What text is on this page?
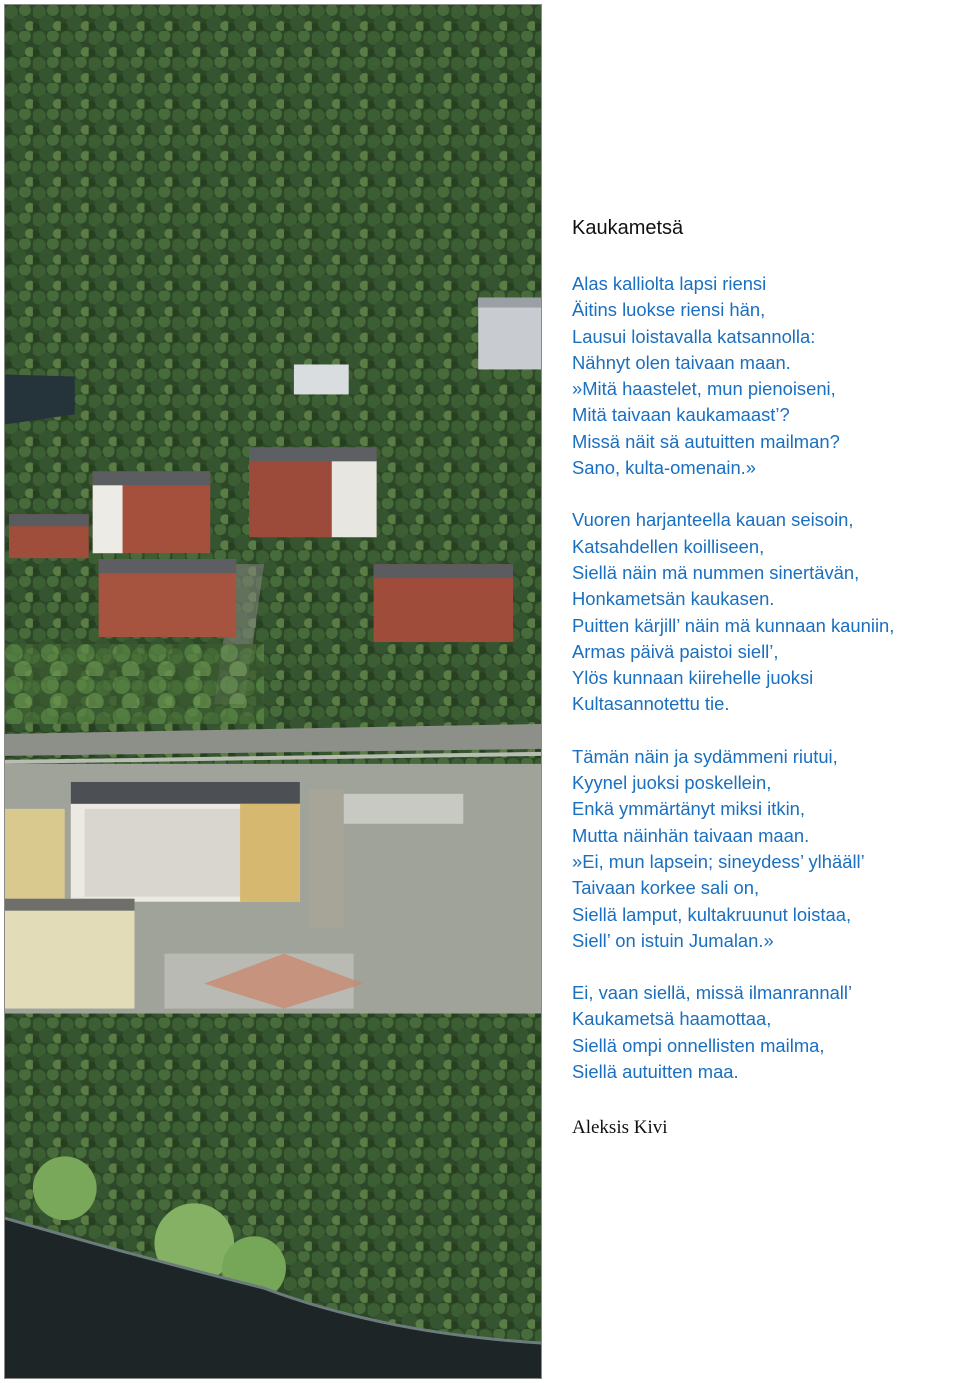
Kaukametsä
Alas kalliolta lapsi riensi
Äitins luokse riensi hän,
Lausui loistavalla katsannolla:
Nähnyt olen taivaan maan.
»Mitä haastelet, mun pienoiseni,
Mitä taivaan kaukamaast’?
Missä näit sä autuitten mailman?
Sano, kulta-omenain.»
Vuoren harjanteella kauan seisoin,
Katsahdellen koilliseen,
Siellä näin mä nummen sinertävän,
Honkametsän kaukasen.
Puitten kärjill’ näin mä kunnaan kauniin,
Armas päivä paistoi siell’,
Ylös kunnaan kiirehelle juoksi
Kultasannotettu tie.
Tämän näin ja sydämmeni riutui,
Kyynel juoksi poskellein,
Enkä ymmärtänyt miksi itkin,
Mutta näinhän taivaan maan.
»Ei, mun lapsein; sineydess’ ylhääll’
Taivaan korkee sali on,
Siellä lamput, kultakruunut loistaa,
Siell’ on istuin Jumalan.»
Ei, vaan siellä, missä ilmanrannall’
Kaukametsä haamottaa,
Siellä ompi onnellisten mailma,
Siellä autuitten maa.
Aleksis Kivi
